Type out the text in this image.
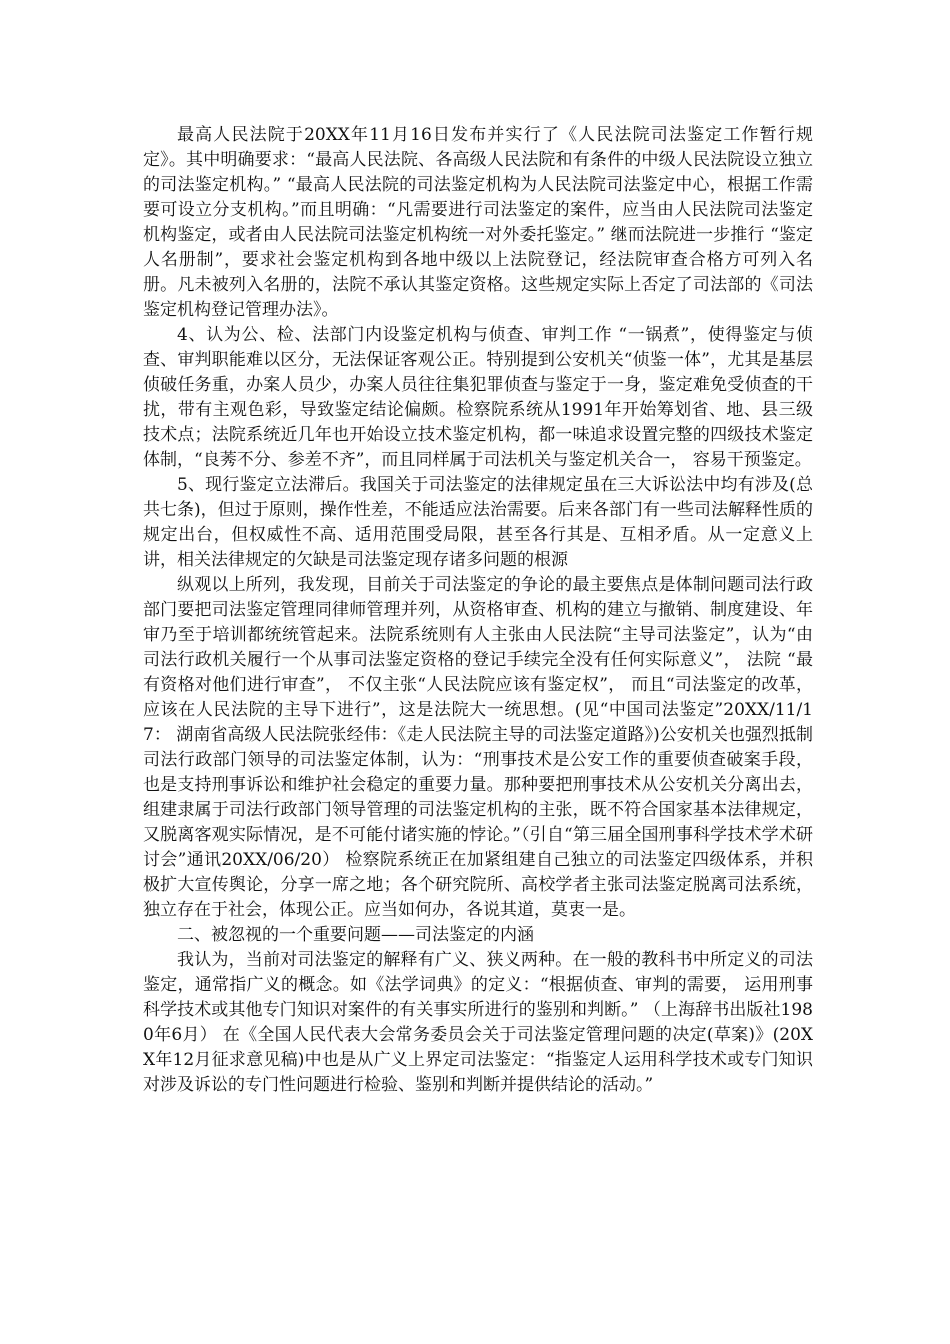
最高人民法院于20XX年11月16日发布并实行了《人民法院司法鉴定工作暂行规定》。其中明确要求：“最高人民法院、各高级人民法院和有条件的中级人民法院设立独立的司法鉴定机构。” “最高人民法院的司法鉴定机构为人民法院司法鉴定中心，根据工作需要可设立分支机构。”而且明确：“凡需要进行司法鉴定的案件，应当由人民法院司法鉴定机构鉴定，或者由人民法院司法鉴定机构统一对外委托鉴定。” 继而法院进一步推行 “鉴定人名册制”，要求社会鉴定机构到各地中级以上法院登记，经法院审查合格方可列入名册。凡未被列入名册的，法院不承认其鉴定资格。这些规定实际上否定了司法部的《司法鉴定机构登记管理办法》。

4、认为公、检、法部门内设鉴定机构与侦查、审判工作 “一锅煮”，使得鉴定与侦查、审判职能难以区分，无法保证客观公正。特别提到公安机关“侦鉴一体”，尤其是基层侦破任务重，办案人员少，办案人员往往集犯罪侦查与鉴定于一身，鉴定难免受侦查的干扰，带有主观色彩，导致鉴定结论偏颇。检察院系统从1991年开始筹划省、地、县三级技术点；法院系统近几年也开始设立技术鉴定机构，都一味追求设置完整的四级技术鉴定体制，“良莠不分、参差不齐”，而且同样属于司法机关与鉴定机关合一， 容易干预鉴定。

5、现行鉴定立法滞后。我国关于司法鉴定的法律规定虽在三大诉讼法中均有涉及(总共七条)，但过于原则，操作性差，不能适应法治需要。后来各部门有一些司法解释性质的规定出台，但权威性不高、适用范围受局限，甚至各行其是、互相矛盾。从一定意义上讲，相关法律规定的欠缺是司法鉴定现存诸多问题的根源

纵观以上所列，我发现，目前关于司法鉴定的争论的最主要焦点是体制问题司法行政部门要把司法鉴定管理同律师管理并列，从资格审查、机构的建立与撤销、制度建设、年审乃至于培训都统统管起来。法院系统则有人主张由人民法院“主导司法鉴定”，认为“由司法行政机关履行一个从事司法鉴定资格的登记手续完全没有任何实际意义”， 法院 “最有资格对他们进行审查”， 不仅主张“人民法院应该有鉴定权”， 而且“司法鉴定的改革，应该在人民法院的主导下进行”，这是法院大一统思想。(见“中国司法鉴定”20XX/11/17： 湖南省高级人民法院张经伟：《走人民法院主导的司法鉴定道路》)公安机关也强烈抵制司法行政部门领导的司法鉴定体制，认为：“刑事技术是公安工作的重要侦查破案手段，也是支持刑事诉讼和维护社会稳定的重要力量。那种要把刑事技术从公安机关分离出去，组建隶属于司法行政部门领导管理的司法鉴定机构的主张，既不符合国家基本法律规定，又脱离客观实际情况，是不可能付诸实施的悖论。”（引自“第三届全国刑事科学技术学术研讨会”通讯20XX/06/20） 检察院系统正在加紧组建自己独立的司法鉴定四级体系，并积极扩大宣传舆论，分享一席之地；各个研究院所、高校学者主张司法鉴定脱离司法系统，独立存在于社会，体现公正。应当如何办，各说其道，莫衷一是。

二、被忽视的一个重要问题——司法鉴定的内涵

我认为，当前对司法鉴定的解释有广义、狭义两种。在一般的教科书中所定义的司法鉴定，通常指广义的概念。如《法学词典》的定义：“根据侦查、审判的需要， 运用刑事科学技术或其他专门知识对案件的有关事实所进行的鉴别和判断。” （上海辞书出版社1980年6月） 在《全国人民代表大会常务委员会关于司法鉴定管理问题的决定(草案)》(20XX年12月征求意见稿)中也是从广义上界定司法鉴定：“指鉴定人运用科学技术或专门知识对涉及诉讼的专门性问题进行检验、鉴别和判断并提供结论的活动。”
